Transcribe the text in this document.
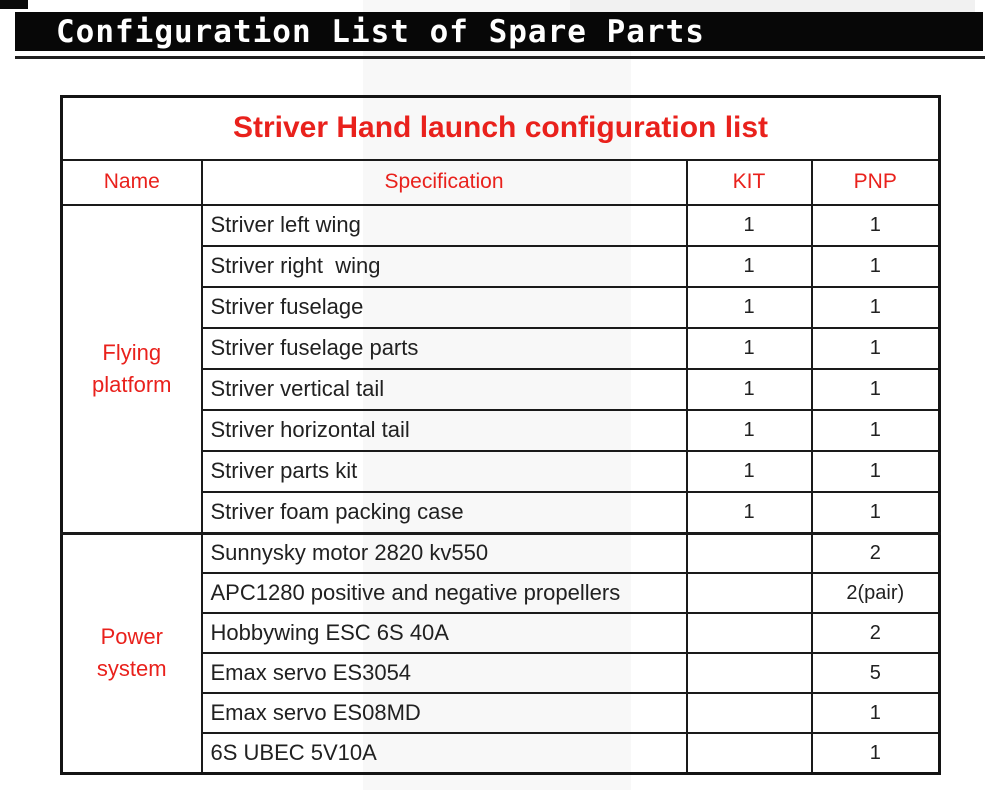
Configuration List of Spare Parts
Striver Hand launch configuration list			
Name	Specification	KIT	PNP
Flying platform	Striver left wing	1	1
	Striver right  wing	1	1
	Striver fuselage	1	1
	Striver fuselage parts	1	1
	Striver vertical tail	1	1
	Striver horizontal tail	1	1
	Striver parts kit	1	1
	Striver foam packing case	1	1
Power system	Sunnysky motor 2820 kv550		2
	APC1280 positive and negative propellers		2(pair)
	Hobbywing ESC 6S 40A		2
	Emax servo ES3054		5
	Emax servo ES08MD		1
	6S UBEC 5V10A		1
